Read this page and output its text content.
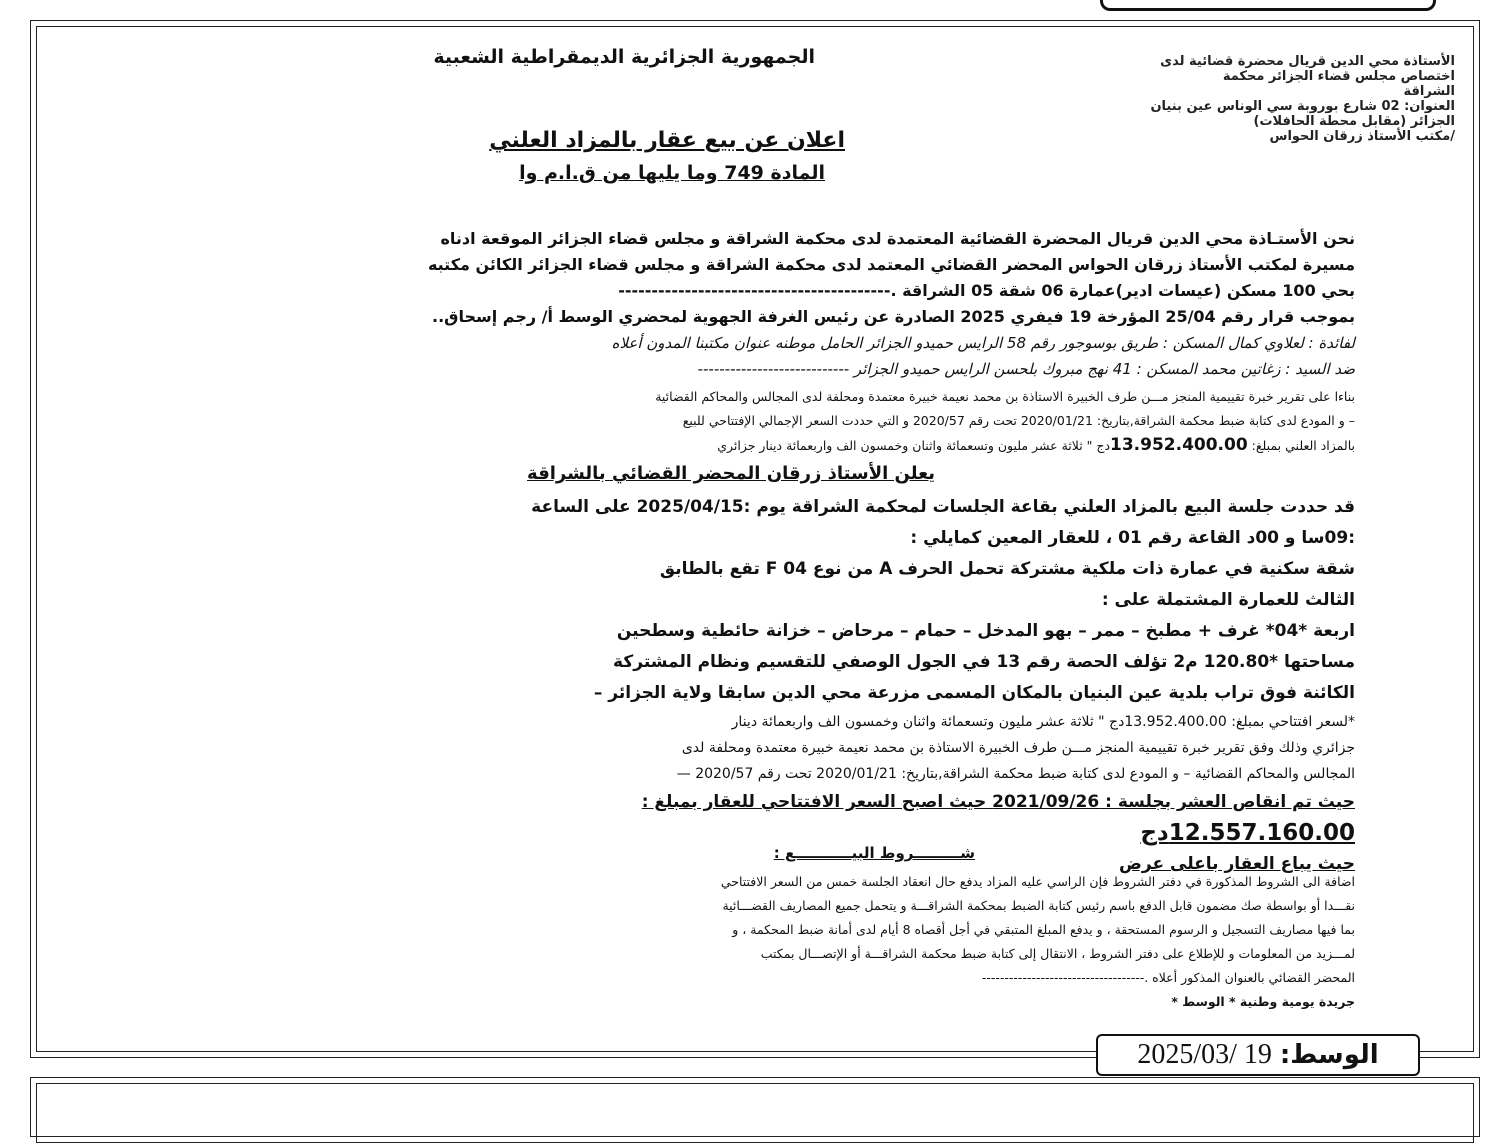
الأستاذة محي الدين قريال محضرة قضائية لدى
اختصاص مجلس قضاء الجزائر محكمة
الشراقة
العنوان: 02 شارع بوروبة سي الوناس عين بنيان
الجزائر (مقابل محطة الحافلات)
/مكتب الأستاذ زرقان الحواس
الجمهورية الجزائرية الديمقراطية الشعبية
اعلان عن بيع عقار بالمزاد العلني
المادة 749 وما يليها من ق.ا.م وا
نحن الأستـاذة محي الدين قريال المحضرة القضائية المعتمدة لدى محكمة الشراقة و مجلس قضاء الجزائر الموقعة ادناه
مسيرة لمكتب الأستاذ زرقان الحواس المحضر القضائي المعتمد لدى محكمة الشراقة و مجلس قضاء الجزائر الكائن مكتبه
بحي 100 مسكن (عيسات ادير)عمارة 06 شقة 05 الشراقة .-----------------------------------------
بموجب قرار رقم 25/04 المؤرخة 19 فيفري 2025 الصادرة عن رئيس الغرفة الجهوية لمحضري الوسط أ/ رجم إسحاق..
لفائدة : لعلاوي كمال المسكن : طريق بوسوجور رقم 58 الرايس حميدو الجزائر الحامل موطنه عنوان مكتبنا المدون أعلاه
ضد السيد : زغاتين محمد المسكن : 41 نهج مبروك بلحسن الرايس حميدو الجزائر ----------------------------
بناءا على تقرير خبرة تقييمية المنجز مـــن طرف الخبيرة الاستاذة بن محمد نعيمة خبيرة معتمدة ومحلفة لدى المجالس والمحاكم القضائية
– و المودع لدى كتابة ضبط محكمة الشراقة,بتاريخ: 2020/01/21 تحت رقم 2020/57 و التي حددت السعر الإجمالي الإفتتاحي للبيع
بالمزاد العلني بمبلغ: 13.952.400.00دج " ثلاثة عشر مليون وتسعمائة واثنان وخمسون الف واربعمائة دينار جزائري
يعلن الأستاذ زرقان المحضر القضائي بالشراقة
قد حددت جلسة البيع بالمزاد العلني بقاعة الجلسات لمحكمة الشراقة يوم :2025/04/15 على الساعة
:09سا و 00د القاعة رقم 01 ، للعقار المعين كمايلي :
شقة سكنية في عمارة ذات ملكية مشتركة تحمل الحرف A من نوع F 04 تقع بالطابق
الثالث للعمارة المشتملة على :
اربعة *04* غرف + مطبخ – ممر – بهو المدخل – حمام – مرحاض – خزانة حائطية وسطحين
مساحتها *120.80 م2 تؤلف الحصة رقم 13 في الجول الوصفي للتقسيم ونظام المشتركة
الكائنة فوق تراب بلدية عين البنيان بالمكان المسمى مزرعة محي الدين سابقا ولاية الجزائر –
*لسعر افتتاحي بمبلغ: 13.952.400.00دج " ثلاثة عشر مليون وتسعمائة واثنان وخمسون الف واربعمائة دينار
جزائري وذلك وفق تقرير خبرة تقييمية المنجز مـــن طرف الخبيرة الاستاذة بن محمد نعيمة خبيرة معتمدة ومحلفة لدى
المجالس والمحاكم القضائية – و المودع لدى كتابة ضبط محكمة الشراقة,بتاريخ: 2020/01/21 تحت رقم 2020/57 —
حيث تم انقاص العشر بجلسة : 2021/09/26 حيث اصبح السعر الافتتاحي للعقار بمبلغ :
12.557.160.00دج
حيث يباع العقار باعلى عرض
شـــــــــروط البيـــــــــــع :
اضافة الى الشروط المذكورة في دفتر الشروط فإن الراسي عليه المزاد يدفع حال انعقاد الجلسة خمس من السعر الافتتاحي
نقـــدا أو بواسطة صك مضمون قابل الدفع باسم رئيس كتابة الضبط بمحكمة الشراقـــة و يتحمل جميع المصاريف القضـــائية
بما فيها مصاريف التسجيل و الرسوم المستحقة ، و يدفع المبلغ المتبقي في أجل أقصاه 8 أيام لدى أمانة ضبط المحكمة ، و
لمـــزيد من المعلومات و للإطلاع على دفتر الشروط ، الانتقال إلى كتابة ضبط محكمة الشراقـــة أو الإتصـــال بمكتب
المحضر القضائي بالعنوان المذكور أعلاه .------------------------------------
جريدة يومية وطنية * الوسط *
الوسط:
2025/03/ 19
